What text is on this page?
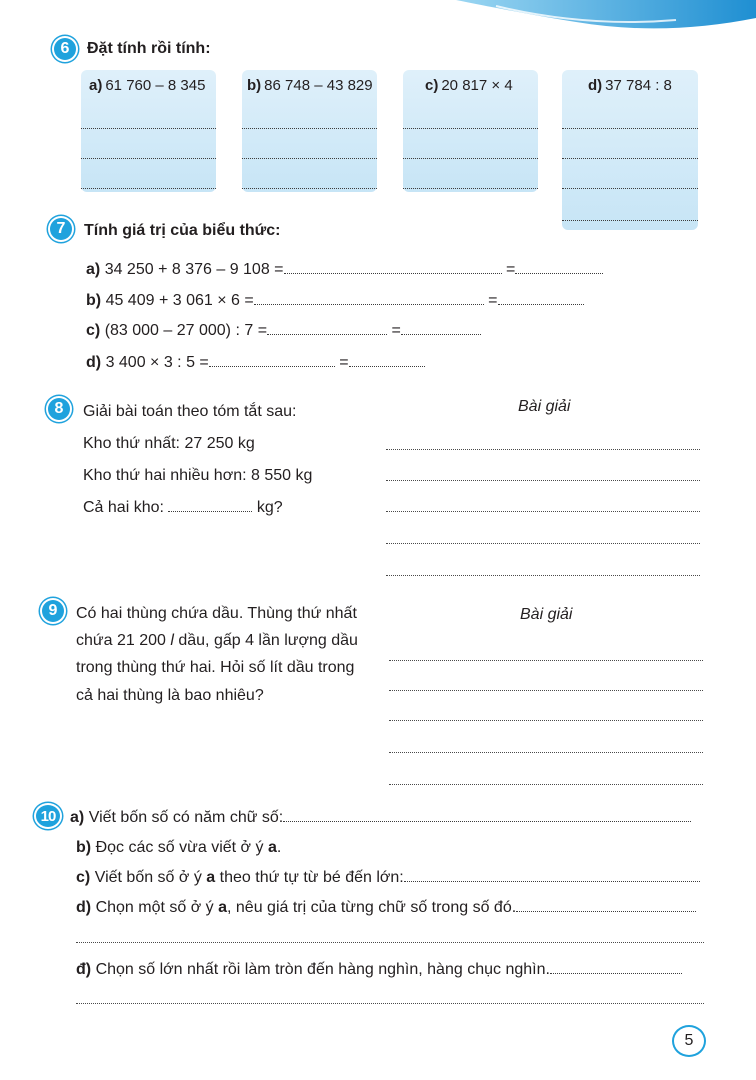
6	Đặt tính rồi tính:
a) 61 760 – 8 345	b) 86 748 – 43 829	c) 20 817 × 4	d) 37 784 : 8
7	Tính giá trị của biểu thức:
a) 34 250 + 8 376 – 9 108 =	=
b) 45 409 + 3 061 × 6 =	=
c) (83 000 – 27 000) : 7 =	=
d) 3 400 × 3 : 5 =	=
8	Giải bài toán theo tóm tắt sau:	Bài giải
Kho thứ nhất: 27 250 kg
Kho thứ hai nhiều hơn: 8 550 kg
Cả hai kho:	kg?
9	Bài giải
Có hai thùng chứa dầu. Thùng thứ nhất
chứa 21 200 l dầu, gấp 4 lần lượng dầu
trong thùng thứ hai. Hỏi số lít dầu trong
cả hai thùng là bao nhiêu?
10 a) Viết bốn số có năm chữ số:
b) Đọc các số vừa viết ở ý a.
c) Viết bốn số ở ý a theo thứ tự từ bé đến lớn:
d) Chọn một số ở ý a, nêu giá trị của từng chữ số trong số đó.
đ) Chọn số lớn nhất rồi làm tròn đến hàng nghìn, hàng chục nghìn.
5
